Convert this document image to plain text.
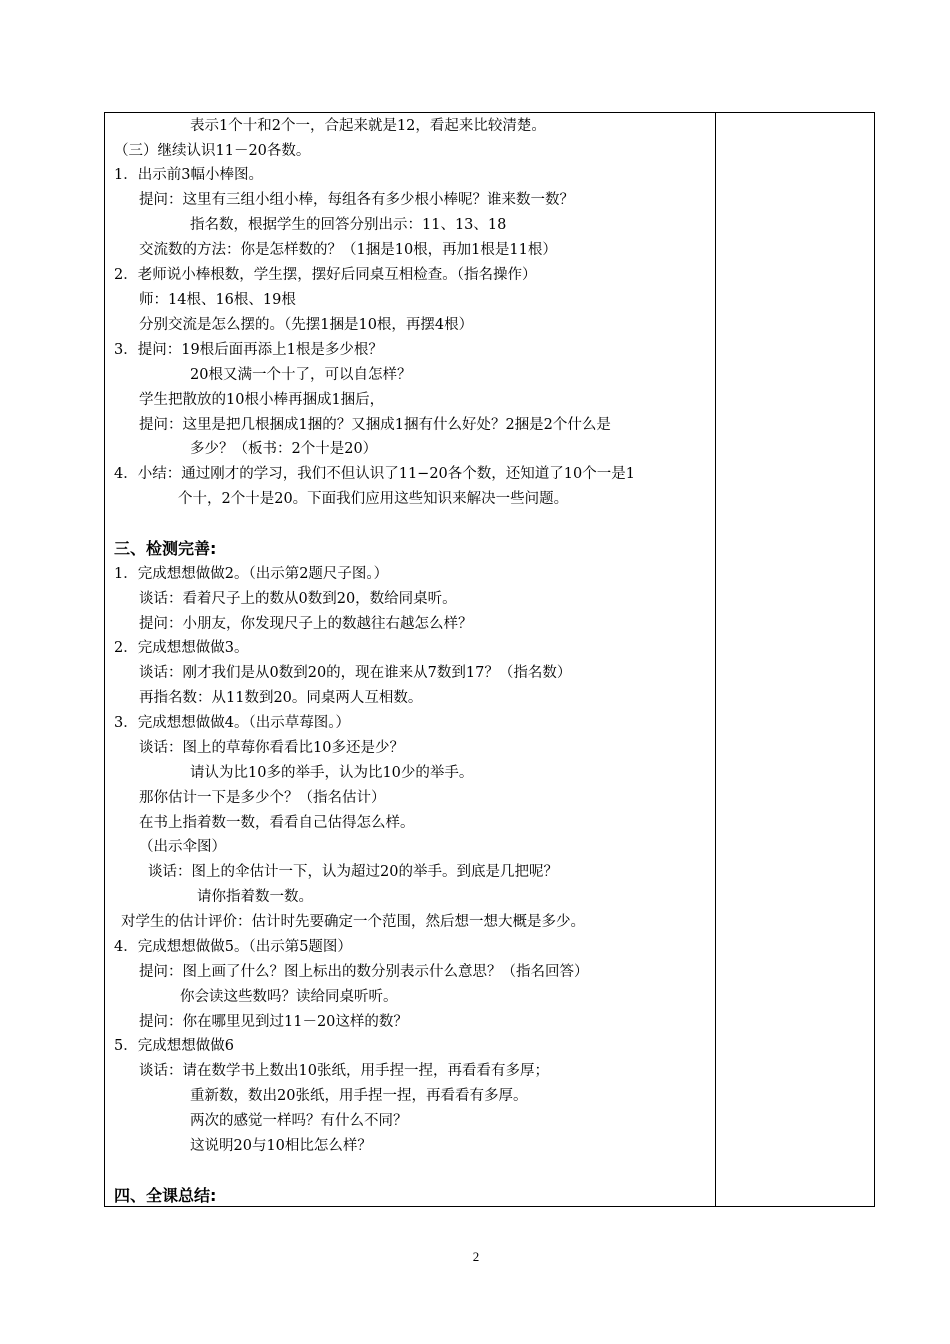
表示1个十和2个一，合起来就是12，看起来比较清楚。
（三）继续认识11－20各数。
1．出示前3幅小棒图。
提问：这里有三组小组小棒，每组各有多少根小棒呢？谁来数一数？
指名数，根据学生的回答分别出示：11、13、18
交流数的方法：你是怎样数的？（1捆是10根，再加1根是11根）
2．老师说小棒根数，学生摆，摆好后同桌互相检查。（指名操作）
师：14根、16根、19根
分别交流是怎么摆的。（先摆1捆是10根，再摆4根）
3．提问：19根后面再添上1根是多少根？
20根又满一个十了，可以自怎样？
学生把散放的10根小棒再捆成1捆后，
提问：这里是把几根捆成1捆的？又捆成1捆有什么好处？2捆是2个什么是
多少？（板书：2个十是20）
4．小结：通过刚才的学习，我们不但认识了11−20各个数，还知道了10个一是1
个十，2个十是20。下面我们应用这些知识来解决一些问题。
三、检测完善:
1．完成想想做做2。（出示第2题尺子图。）
谈话：看着尺子上的数从0数到20，数给同桌听。
提问：小朋友，你发现尺子上的数越往右越怎么样？
2．完成想想做做3。
谈话：刚才我们是从0数到20的，现在谁来从7数到17？（指名数）
再指名数：从11数到20。同桌两人互相数。
3．完成想想做做4。（出示草莓图。）
谈话：图上的草莓你看看比10多还是少？
请认为比10多的举手，认为比10少的举手。
那你估计一下是多少个？（指名估计）
在书上指着数一数，看看自己估得怎么样。
（出示伞图）
谈话：图上的伞估计一下，认为超过20的举手。到底是几把呢？
请你指着数一数。
对学生的估计评价：估计时先要确定一个范围，然后想一想大概是多少。
4．完成想想做做5。（出示第5题图）
提问：图上画了什么？图上标出的数分别表示什么意思？（指名回答）
你会读这些数吗？读给同桌听听。
提问：你在哪里见到过11－20这样的数？
5．完成想想做做6
谈话：请在数学书上数出10张纸，用手捏一捏，再看看有多厚；
重新数，数出20张纸，用手捏一捏，再看看有多厚。
两次的感觉一样吗？有什么不同？
这说明20与10相比怎么样？
四、全课总结:
2
